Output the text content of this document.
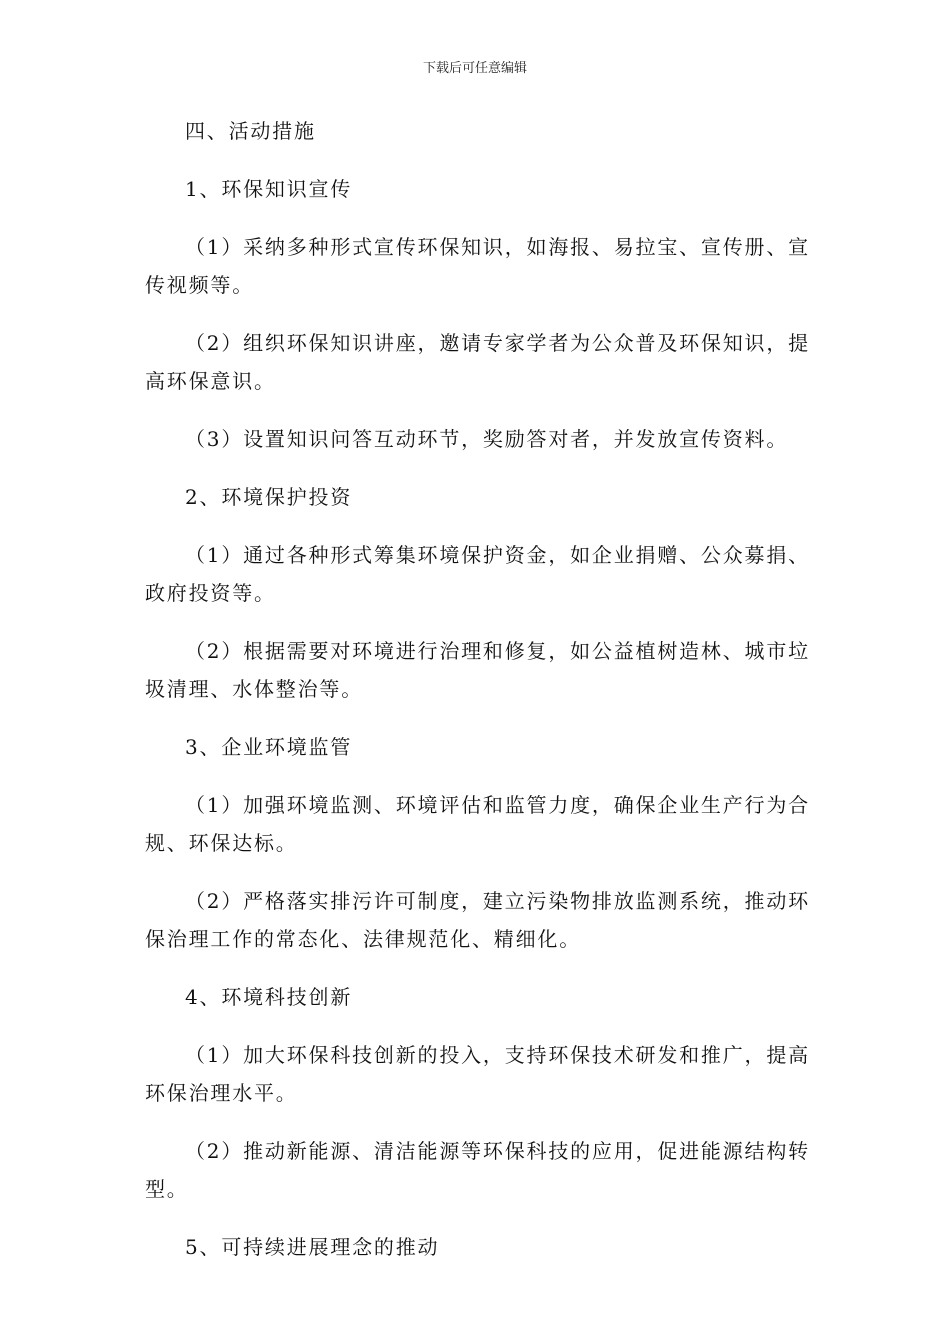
下载后可任意编辑

四、活动措施

1、环保知识宣传

（1）采纳多种形式宣传环保知识，如海报、易拉宝、宣传册、宣传视频等。

（2）组织环保知识讲座，邀请专家学者为公众普及环保知识，提高环保意识。

（3）设置知识问答互动环节，奖励答对者，并发放宣传资料。

2、环境保护投资

（1）通过各种形式筹集环境保护资金，如企业捐赠、公众募捐、政府投资等。

（2）根据需要对环境进行治理和修复，如公益植树造林、城市垃圾清理、水体整治等。

3、企业环境监管

（1）加强环境监测、环境评估和监管力度，确保企业生产行为合规、环保达标。

（2）严格落实排污许可制度，建立污染物排放监测系统，推动环保治理工作的常态化、法律规范化、精细化。

4、环境科技创新

（1）加大环保科技创新的投入，支持环保技术研发和推广，提高环保治理水平。

（2）推动新能源、清洁能源等环保科技的应用，促进能源结构转型。

5、可持续进展理念的推动
